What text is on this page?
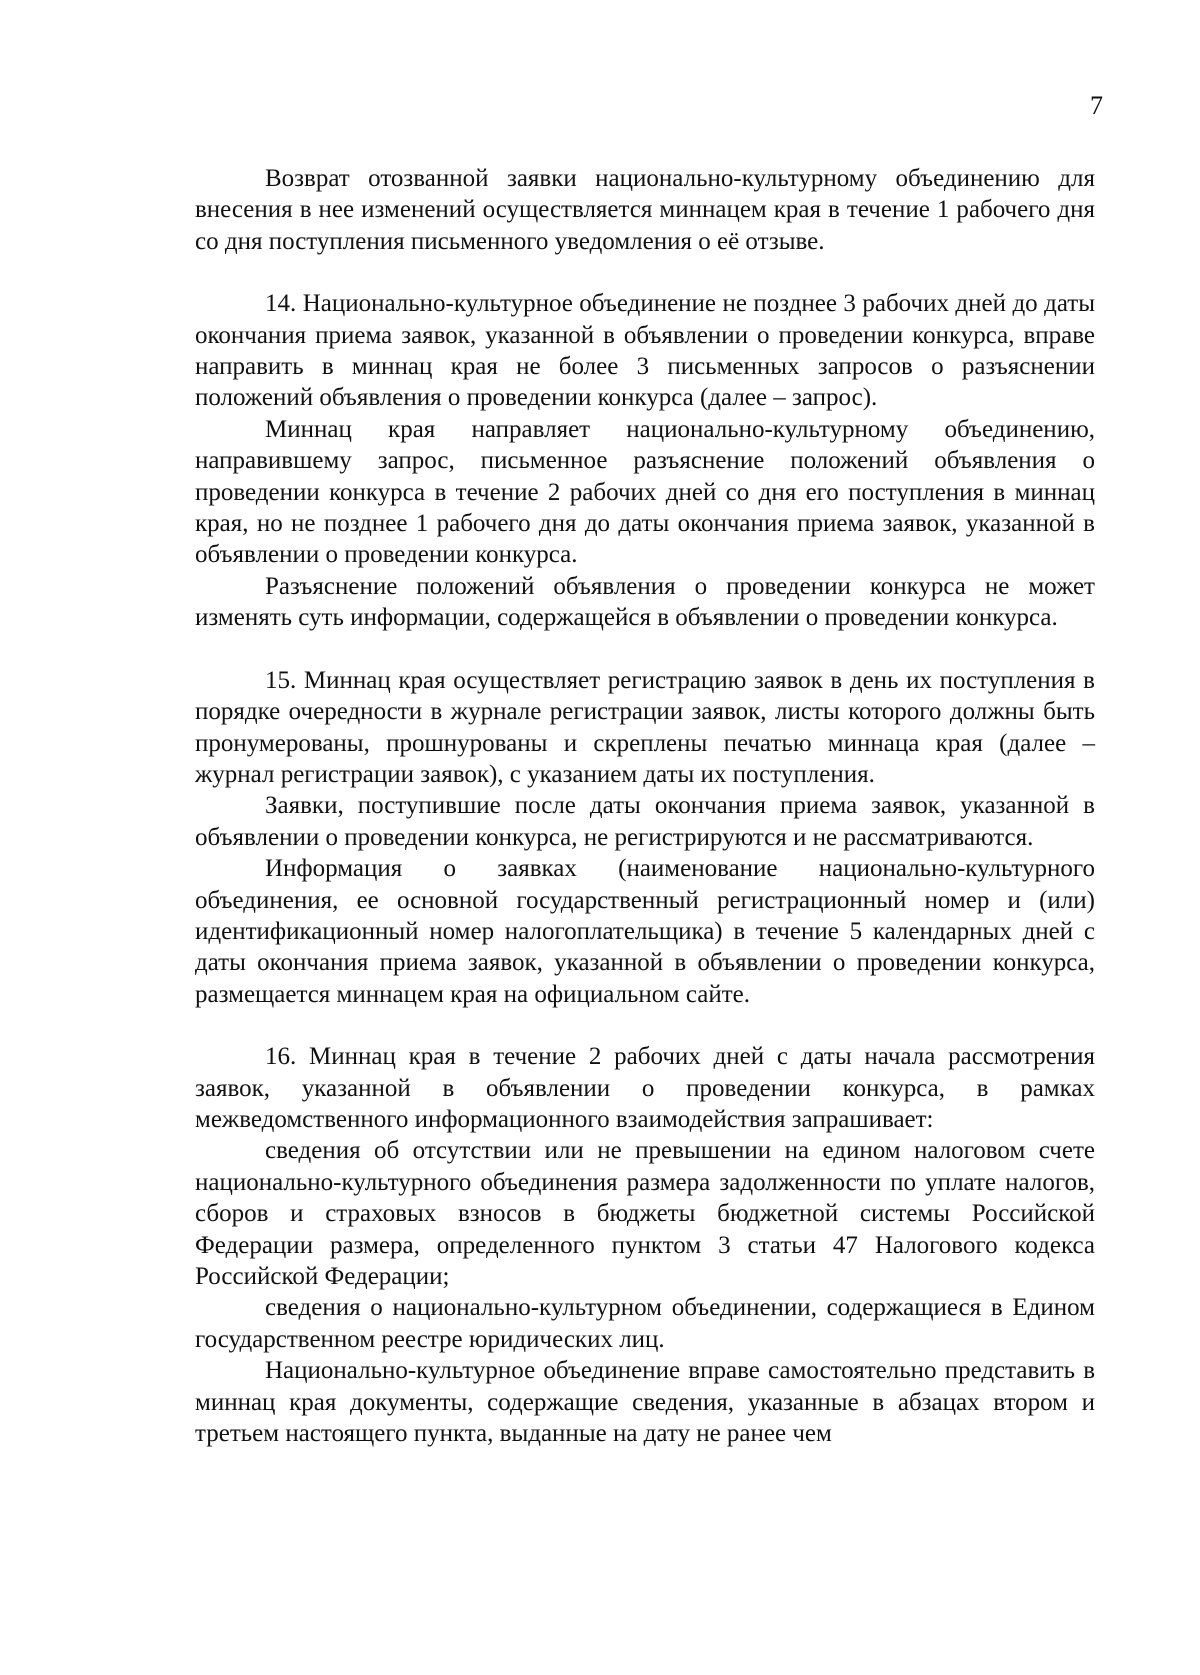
7

Возврат отозванной заявки национально-культурному объединению для внесения в нее изменений осуществляется миннацем края в течение 1 рабочего дня со дня поступления письменного уведомления о её отзыве.

14. Национально-культурное объединение не позднее 3 рабочих дней до даты окончания приема заявок, указанной в объявлении о проведении конкурса, вправе направить в миннац края не более 3 письменных запросов о разъяснении положений объявления о проведении конкурса (далее – запрос).

Миннац края направляет национально-культурному объединению, направившему запрос, письменное разъяснение положений объявления о проведении конкурса в течение 2 рабочих дней со дня его поступления в миннац края, но не позднее 1 рабочего дня до даты окончания приема заявок, указанной в объявлении о проведении конкурса.

Разъяснение положений объявления о проведении конкурса не может изменять суть информации, содержащейся в объявлении о проведении конкурса.

15. Миннац края осуществляет регистрацию заявок в день их поступления в порядке очередности в журнале регистрации заявок, листы которого должны быть пронумерованы, прошнурованы и скреплены печатью миннаца края (далее – журнал регистрации заявок), с указанием даты их поступления.

Заявки, поступившие после даты окончания приема заявок, указанной в объявлении о проведении конкурса, не регистрируются и не рассматриваются.

Информация о заявках (наименование национально-культурного объединения, ее основной государственный регистрационный номер и (или) идентификационный номер налогоплательщика) в течение 5 календарных дней с даты окончания приема заявок, указанной в объявлении о проведении конкурса, размещается миннацем края на официальном сайте.

16. Миннац края в течение 2 рабочих дней с даты начала рассмотрения заявок, указанной в объявлении о проведении конкурса, в рамках межведомственного информационного взаимодействия запрашивает:

сведения об отсутствии или не превышении на едином налоговом счете национально-культурного объединения размера задолженности по уплате налогов, сборов и страховых взносов в бюджеты бюджетной системы Российской Федерации размера, определенного пунктом 3 статьи 47 Налогового кодекса Российской Федерации;

сведения о национально-культурном объединении, содержащиеся в Едином государственном реестре юридических лиц.

Национально-культурное объединение вправе самостоятельно представить в миннац края документы, содержащие сведения, указанные в абзацах втором и третьем настоящего пункта, выданные на дату не ранее чем
